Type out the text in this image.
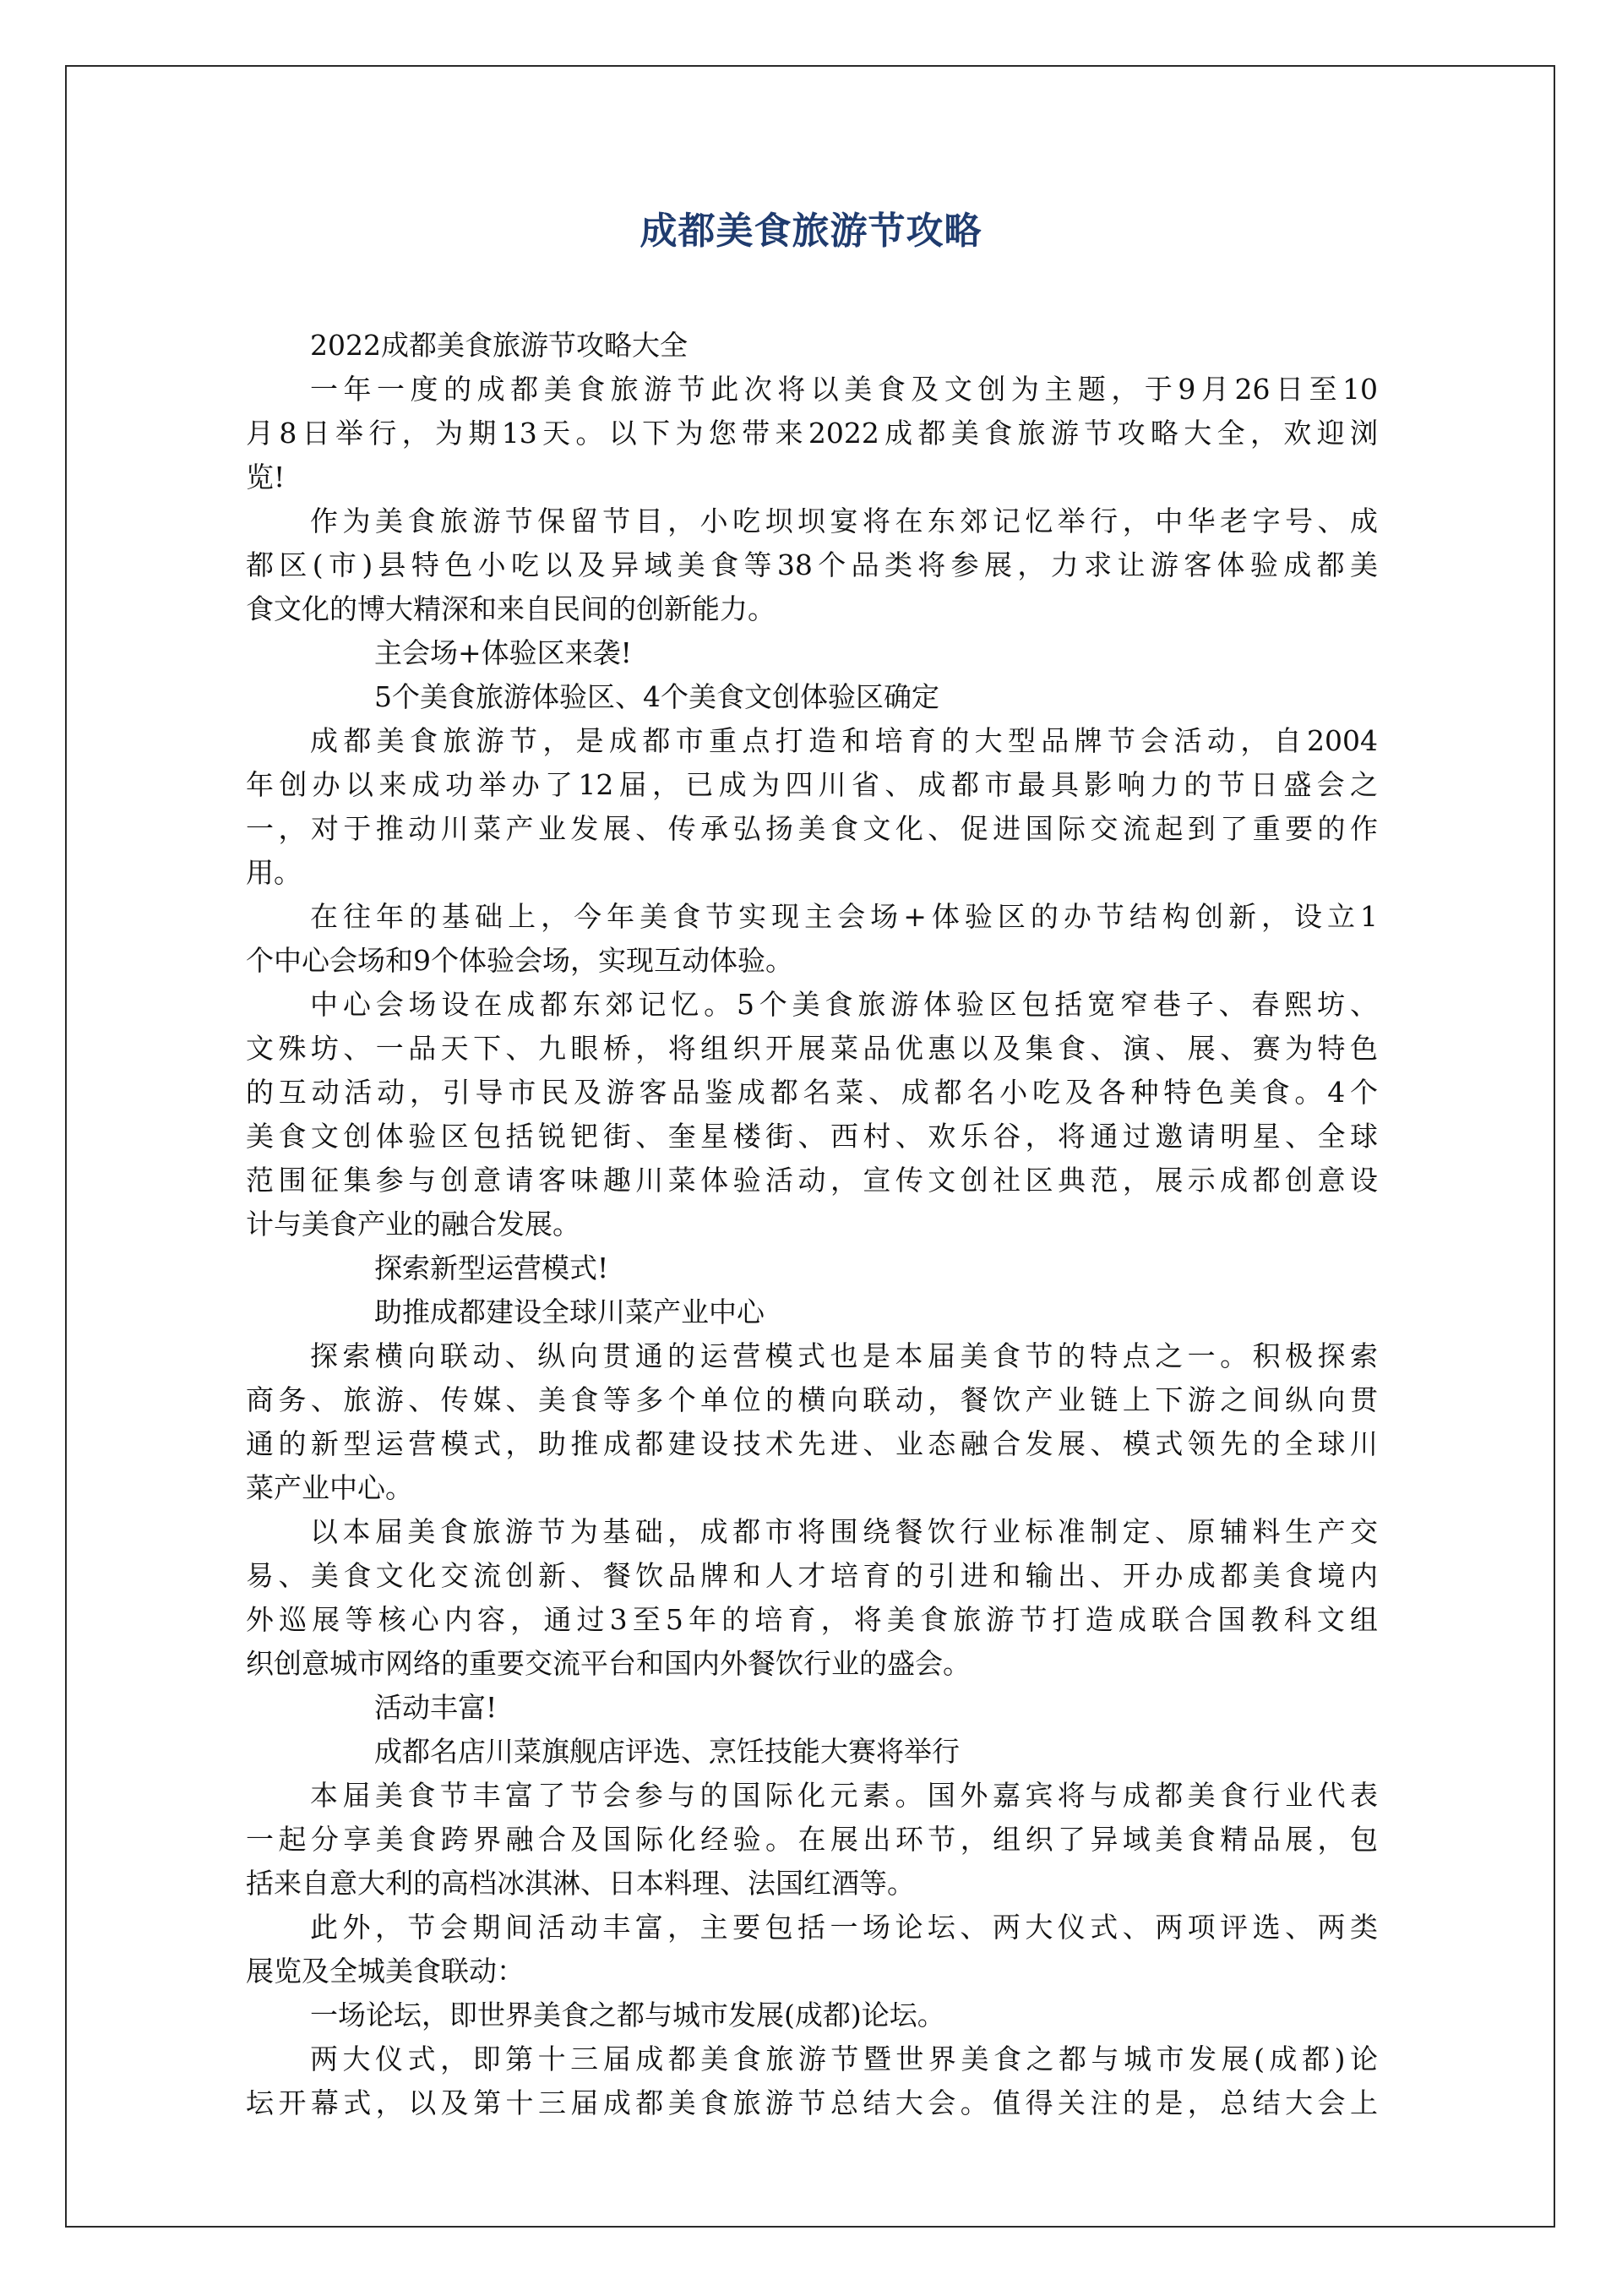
成都美食旅游节攻略
2022成都美食旅游节攻略大全
一年一度的成都美食旅游节此次将以美食及文创为主题，于9月26日至10
月8日举行，为期13天。以下为您带来2022成都美食旅游节攻略大全，欢迎浏
览!
作为美食旅游节保留节目，小吃坝坝宴将在东郊记忆举行，中华老字号、成
都区(市)县特色小吃以及异域美食等38个品类将参展，力求让游客体验成都美
食文化的博大精深和来自民间的创新能力。
主会场+体验区来袭!
5个美食旅游体验区、4个美食文创体验区确定
成都美食旅游节，是成都市重点打造和培育的大型品牌节会活动，自2004
年创办以来成功举办了12届，已成为四川省、成都市最具影响力的节日盛会之
一，对于推动川菜产业发展、传承弘扬美食文化、促进国际交流起到了重要的作
用。
在往年的基础上，今年美食节实现主会场+体验区的办节结构创新，设立1
个中心会场和9个体验会场，实现互动体验。
中心会场设在成都东郊记忆。5个美食旅游体验区包括宽窄巷子、春熙坊、
文殊坊、一品天下、九眼桥，将组织开展菜品优惠以及集食、演、展、赛为特色
的互动活动，引导市民及游客品鉴成都名菜、成都名小吃及各种特色美食。4个
美食文创体验区包括锐钯街、奎星楼街、西村、欢乐谷，将通过邀请明星、全球
范围征集参与创意请客味趣川菜体验活动，宣传文创社区典范，展示成都创意设
计与美食产业的融合发展。
探索新型运营模式!
助推成都建设全球川菜产业中心
探索横向联动、纵向贯通的运营模式也是本届美食节的特点之一。积极探索
商务、旅游、传媒、美食等多个单位的横向联动，餐饮产业链上下游之间纵向贯
通的新型运营模式，助推成都建设技术先进、业态融合发展、模式领先的全球川
菜产业中心。
以本届美食旅游节为基础，成都市将围绕餐饮行业标准制定、原辅料生产交
易、美食文化交流创新、餐饮品牌和人才培育的引进和输出、开办成都美食境内
外巡展等核心内容，通过3至5年的培育，将美食旅游节打造成联合国教科文组
织创意城市网络的重要交流平台和国内外餐饮行业的盛会。
活动丰富!
成都名店川菜旗舰店评选、烹饪技能大赛将举行
本届美食节丰富了节会参与的国际化元素。国外嘉宾将与成都美食行业代表
一起分享美食跨界融合及国际化经验。在展出环节，组织了异域美食精品展，包
括来自意大利的高档冰淇淋、日本料理、法国红酒等。
此外，节会期间活动丰富，主要包括一场论坛、两大仪式、两项评选、两类
展览及全城美食联动：
一场论坛，即世界美食之都与城市发展(成都)论坛。
两大仪式，即第十三届成都美食旅游节暨世界美食之都与城市发展(成都)论
坛开幕式，以及第十三届成都美食旅游节总结大会。值得关注的是，总结大会上
